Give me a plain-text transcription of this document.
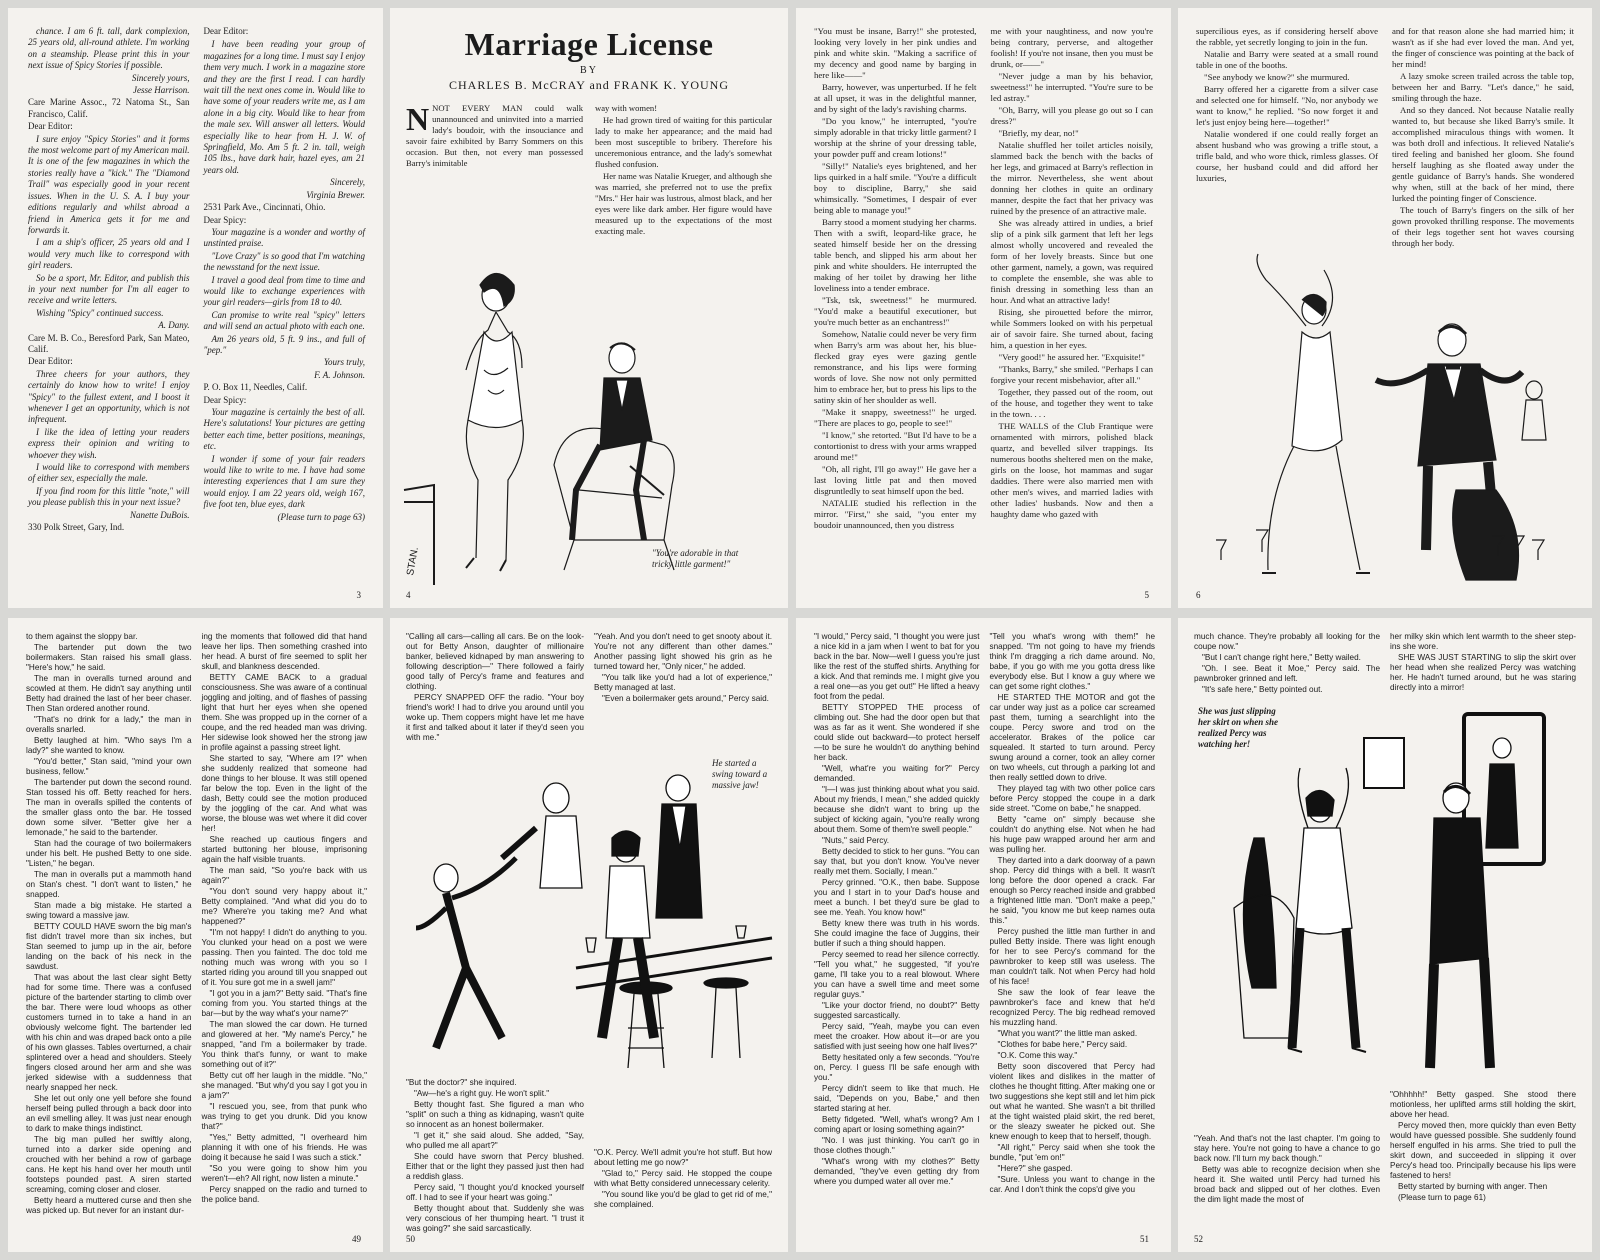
chance. I am 6 ft. tall, dark complexion, 25 years old, all-round athlete. I'm working on a steamship. Please print this in your next issue of Spicy Stories if possible.

Sincerely yours,

Jesse Harrison.

Care Marine Assoc., 72 Natoma St., San Francisco, Calif.

Dear Editor:

I sure enjoy "Spicy Stories" and it forms the most welcome part of my American mail. It is one of the few magazines in which the stories really have a "kick." The "Diamond Trail" was especially good in your recent issues. When in the U. S. A. I buy your editions regularly and whilst abroad a friend in America gets it for me and forwards it.

I am a ship's officer, 25 years old and I would very much like to correspond with girl readers.

So be a sport, Mr. Editor, and publish this in your next number for I'm all eager to receive and write letters.

Wishing "Spicy" continued success.

A. Dany.

Care M. B. Co., Beresford Park, San Mateo, Calif.

Dear Editor:

Three cheers for your authors, they certainly do know how to write! I enjoy "Spicy" to the fullest extent, and I boost it whenever I get an opportunity, which is not infrequent.

I like the idea of letting your readers express their opinion and writing to whoever they wish.

I would like to correspond with members of either sex, especially the male.

If you find room for this little "note," will you please publish this in your next issue?

Nanette DuBois.

330 Polk Street, Gary, Ind.

Dear Editor:

I have been reading your group of magazines for a long time. I must say I enjoy them very much. I work in a magazine store and they are the first I read. I can hardly wait till the next ones come in. Would like to have some of your readers write me, as I am alone in a big city. Would like to hear from the male sex. Will answer all letters. Would especially like to hear from H. J. W. of Springfield, Mo. Am 5 ft. 2 in. tall, weigh 105 lbs., have dark hair, hazel eyes, am 21 years old.

Sincerely,

Virginia Brewer.

2531 Park Ave., Cincinnati, Ohio.

Dear Spicy:

Your magazine is a wonder and worthy of unstinted praise.

"Love Crazy" is so good that I'm watching the newsstand for the next issue.

I travel a good deal from time to time and would like to exchange experiences with your girl readers—girls from 18 to 40.

Can promise to write real "spicy" letters and will send an actual photo with each one.

Am 26 years old, 5 ft. 9 ins., and full of "pep."

Yours truly,

F. A. Johnson.

P. O. Box 11, Needles, Calif.

Dear Spicy:

Your magazine is certainly the best of all. Here's salutations! Your pictures are getting better each time, better positions, meanings, etc.

I wonder if some of your fair readers would like to write to me. I have had some interesting experiences that I am sure they would enjoy. I am 22 years old, weigh 167, five foot ten, blue eyes, dark

(Please turn to page 63)

3
Marriage License
BY
CHARLES B. McCRAY and FRANK K. YOUNG

NNOT EVERY MAN could walk unannounced and uninvited into a married lady's boudoir, with the insouciance and savoir faire exhibited by Barry Sommers on this occasion. But then, not every man possessed Barry's inimitable

way with women!

He had grown tired of waiting for this particular lady to make her appearance; and the maid had been most susceptible to bribery. Therefore his unceremonious entrance, and the lady's somewhat flushed confusion.

Her name was Natalie Krueger, and although she was married, she preferred not to use the prefix "Mrs." Her hair was lustrous, almost black, and her eyes were like dark amber. Her figure would have measured up to the expectations of the most exacting male.

STAN.	"You're adorable in that tricky little garment!"
4

"You must be insane, Barry!" she protested, looking very lovely in her pink undies and pink and white skin. "Making a sacrifice of my decency and good name by barging in here like——"

Barry, however, was unperturbed. If he felt at all upset, it was in the delightful manner, and by sight of the lady's ravishing charms.

"Do you know," he interrupted, "you're simply adorable in that tricky little garment? I worship at the shrine of your dressing table, your powder puff and cream lotions!"

"Silly!" Natalie's eyes brightened, and her lips quirked in a half smile. "You're a difficult boy to discipline, Barry," she said whimsically. "Sometimes, I despair of ever being able to manage you!"

Barry stood a moment studying her charms. Then with a swift, leopard-like grace, he seated himself beside her on the dressing table bench, and slipped his arm about her pink and white shoulders. He interrupted the making of her toilet by drawing her lithe loveliness into a tender embrace.

"Tsk, tsk, sweetness!" he murmured. "You'd make a beautiful executioner, but you're much better as an enchantress!"

Somehow, Natalie could never be very firm when Barry's arm was about her, his blue-flecked gray eyes were gazing gentle remonstrance, and his lips were forming words of love. She now not only permitted him to embrace her, but to press his lips to the satiny skin of her shoulder as well.

"Make it snappy, sweetness!" he urged. "There are places to go, people to see!"

"I know," she retorted. "But I'd have to be a contortionist to dress with your arms wrapped around me!"

"Oh, all right, I'll go away!" He gave her a last loving little pat and then moved disgruntledly to seat himself upon the bed.

NATALIE studied his reflection in the mirror. "First," she said, "you enter my boudoir unannounced, then you distress

me with your naughtiness, and now you're being contrary, perverse, and altogether foolish! If you're not insane, then you must be drunk, or——"

"Never judge a man by his behavior, sweetness!" he interrupted. "You're sure to be led astray."

"Oh, Barry, will you please go out so I can dress?"

"Briefly, my dear, no!"

Natalie shuffled her toilet articles noisily, slammed back the bench with the backs of her legs, and grimaced at Barry's reflection in the mirror. Nevertheless, she went about donning her clothes in quite an ordinary manner, despite the fact that her privacy was ruined by the presence of an attractive male.

She was already attired in undies, a brief slip of a pink silk garment that left her legs almost wholly uncovered and revealed the form of her lovely breasts. Since but one other garment, namely, a gown, was required to complete the ensemble, she was able to finish dressing in something less than an hour. And what an attractive lady!

Rising, she pirouetted before the mirror, while Sommers looked on with his perpetual air of savoir faire. She turned about, facing him, a question in her eyes.

"Very good!" he assured her. "Exquisite!"

"Thanks, Barry," she smiled. "Perhaps I can forgive your recent misbehavior, after all."

Together, they passed out of the room, out of the house, and together they went to take in the town. . . .

THE WALLS of the Club Frantique were ornamented with mirrors, polished black quartz, and bevelled silver trappings. Its numerous booths sheltered men on the make, girls on the loose, hot mammas and sugar daddies. There were also married men with other men's wives, and married ladies with other ladies' husbands. Now and then a haughty dame who gazed with

5

supercilious eyes, as if considering herself above the rabble, yet secretly longing to join in the fun.

Natalie and Barry were seated at a small round table in one of the booths.

"See anybody we know?" she murmured.

Barry offered her a cigarette from a silver case and selected one for himself. "No, nor anybody we want to know," he replied. "So now forget it and let's just enjoy being here—together!"

Natalie wondered if one could really forget an absent husband who was growing a trifle stout, a trifle bald, and who wore thick, rimless glasses. Of course, her husband could and did afford her luxuries,

and for that reason alone she had married him; it wasn't as if she had ever loved the man. And yet, the finger of conscience was pointing at the back of her mind!

A lazy smoke screen trailed across the table top, between her and Barry. "Let's dance," he said, smiling through the haze.

And so they danced. Not because Natalie really wanted to, but because she liked Barry's smile. It accomplished miraculous things with women. It was both droll and infectious. It relieved Natalie's tired feeling and banished her gloom. She found herself laughing as she floated away under the gentle guidance of Barry's hands. She wondered why when, still at the back of her mind, there lurked the pointing finger of Conscience.

The touch of Barry's fingers on the silk of her gown provoked thrilling response. The movements of their legs together sent hot waves coursing through her body.

6

to them against the sloppy bar.

The bartender put down the two boilermakers. Stan raised his small glass. "Here's how," he said.

The man in overalls turned around and scowled at them. He didn't say anything until Betty had drained the last of her beer chaser. Then Stan ordered another round.

"That's no drink for a lady," the man in overalls snarled.

Betty laughed at him. "Who says I'm a lady?" she wanted to know.

"You'd better," Stan said, "mind your own business, fellow."

The bartender put down the second round. Stan tossed his off. Betty reached for hers. The man in overalls spilled the contents of the smaller glass onto the bar. He tossed down some silver. "Better give her a lemonade," he said to the bartender.

Stan had the courage of two boilermakers under his belt. He pushed Betty to one side. "Listen," he began.

The man in overalls put a mammoth hand on Stan's chest. "I don't want to listen," he snapped.

Stan made a big mistake. He started a swing toward a massive jaw.

BETTY COULD HAVE sworn the big man's fist didn't travel more than six inches, but Stan seemed to jump up in the air, before landing on the back of his neck in the sawdust.

That was about the last clear sight Betty had for some time. There was a confused picture of the bartender starting to climb over the bar. There were loud whoops as other customers turned in to take a hand in an obviously welcome fight. The bartender led with his chin and was draped back onto a pile of his own glasses. Tables overturned, a chair splintered over a head and shoulders. Steely fingers closed around her arm and she was jerked sidewise with a suddenness that nearly snapped her neck.

She let out only one yell before she found herself being pulled through a back door into an evil smelling alley. It was just near enough to dark to make things indistinct.

The big man pulled her swiftly along, turned into a darker side opening and crouched with her behind a row of garbage cans. He kept his hand over her mouth until footsteps pounded past. A siren started screaming, coming closer and closer.

Betty heard a muttered curse and then she was picked up. But never for an instant dur-

ing the moments that followed did that hand leave her lips. Then something crashed into her head. A burst of fire seemed to split her skull, and blankness descended.

BETTY CAME BACK to a gradual consciousness. She was aware of a continual joggling and jolting, and of flashes of passing light that hurt her eyes when she opened them. She was propped up in the corner of a coupe, and the red headed man was driving. Her sidewise look showed her the strong jaw in profile against a passing street light.

She started to say, "Where am I?" when she suddenly realized that someone had done things to her blouse. It was still opened far below the top. Even in the light of the dash, Betty could see the motion produced by the joggling of the car. And what was worse, the blouse was wet where it did cover her!

She reached up cautious fingers and started buttoning her blouse, imprisoning again the half visible truants.

The man said, "So you're back with us again?"

"You don't sound very happy about it," Betty complained. "And what did you do to me? Where're you taking me? And what happened?"

"I'm not happy! I didn't do anything to you. You clunked your head on a post we were passing. Then you fainted. The doc told me nothing much was wrong with you so I started riding you around till you snapped out of it. You sure got me in a swell jam!"

"I got you in a jam?" Betty said. "That's fine coming from you. You started things at the bar—but by the way what's your name?"

The man slowed the car down. He turned and glowered at her. "My name's Percy," he snapped, "and I'm a boilermaker by trade. You think that's funny, or want to make something out of it?"

Betty cut off her laugh in the middle. "No," she managed. "But why'd you say I got you in a jam?"

"I rescued you, see, from that punk who was trying to get you drunk. Did you know that?"

"Yes," Betty admitted, "I overheard him planning it with one of his friends. He was doing it because he said I was such a stick."

"So you were going to show him you weren't—eh? All right, now listen a minute."

Percy snapped on the radio and turned to the police band.

49

"Calling all cars—calling all cars. Be on the look-out for Betty Anson, daughter of millionaire banker, believed kidnaped by man answering to following description—" There followed a fairly good tally of Percy's frame and features and clothing.

PERCY SNAPPED OFF the radio. "Your boy friend's work! I had to drive you around until you woke up. Them coppers might have let me have it first and talked about it later if they'd seen you with me."

"Yeah. And you don't need to get snooty about it. You're not any different than other dames." Another passing light showed his grin as he turned toward her, "Only nicer," he added.

"You talk like you'd had a lot of experience," Betty managed at last.

"Even a boilermaker gets around," Percy said.

He started a swing toward a massive jaw!

"But the doctor?" she inquired.

"Aw—he's a right guy. He won't split."

Betty thought fast. She figured a man who "split" on such a thing as kidnaping, wasn't quite so innocent as an honest boilermaker.

"I get it," she said aloud. She added, "Say, who pulled me all apart?"

She could have sworn that Percy blushed. Either that or the light they passed just then had a reddish glass.

Percy said, "I thought you'd knocked yourself off. I had to see if your heart was going."

Betty thought about that. Suddenly she was very conscious of her thumping heart. "I trust it was going?" she said sarcastically.

"O.K. Percy. We'll admit you're hot stuff. But how about letting me go now?"

"Glad to," Percy said. He stopped the coupe with what Betty considered unnecessary celerity.

"You sound like you'd be glad to get rid of me," she complained.

50

"I would," Percy said, "I thought you were just a nice kid in a jam when I went to bat for you back in the bar. Now—well I guess you're just like the rest of the stuffed shirts. Anything for a kick. And that reminds me. I might give you a real one—as you get out!" He lifted a heavy foot from the pedal.

BETTY STOPPED THE process of climbing out. She had the door open but that was as far as it went. She wondered if she could slide out backward—to protect herself—to be sure he wouldn't do anything behind her back.

"Well, what're you waiting for?" Percy demanded.

"I—I was just thinking about what you said. About my friends, I mean," she added quickly because she didn't want to bring up the subject of kicking again, "you're really wrong about them. Some of them're swell people."

"Nuts," said Percy.

Betty decided to stick to her guns. "You can say that, but you don't know. You've never really met them. Socially, I mean."

Percy grinned. "O.K., then babe. Suppose you and I start in to your Dad's house and meet a bunch. I bet they'd sure be glad to see me. Yeah. You know how!"

Betty knew there was truth in his words. She could imagine the face of Juggins, their butler if such a thing should happen.

Percy seemed to read her silence correctly. "Tell you what," he suggested, "if you're game, I'll take you to a real blowout. Where you can have a swell time and meet some regular guys."

"Like your doctor friend, no doubt?" Betty suggested sarcastically.

Percy said, "Yeah, maybe you can even meet the croaker. How about it—or are you satisfied with just seeing how one half lives?"

Betty hesitated only a few seconds. "You're on, Percy. I guess I'll be safe enough with you."

Percy didn't seem to like that much. He said, "Depends on you, Babe," and then started staring at her.

Betty fidgeted. "Well, what's wrong? Am I coming apart or losing something again?"

"No. I was just thinking. You can't go in those clothes though."

"What's wrong with my clothes?" Betty demanded, "they've even getting dry from where you dumped water all over me."

"Tell you what's wrong with them!" he snapped. "I'm not going to have my friends think I'm dragging a rich dame around. No, babe, if you go with me you gotta dress like everybody else. But I know a guy where we can get some right clothes."

HE STARTED THE MOTOR and got the car under way just as a police car screamed past them, turning a searchlight into the coupe. Percy swore and trod on the accelerator. Brakes of the police car squealed. It started to turn around. Percy swung around a corner, took an alley corner on two wheels, cut through a parking lot and then really settled down to drive.

They played tag with two other police cars before Percy stopped the coupe in a dark side street. "Come on babe," he snapped.

Betty "came on" simply because she couldn't do anything else. Not when he had his huge paw wrapped around her arm and was pulling her.

They darted into a dark doorway of a pawn shop. Percy did things with a bell. It wasn't long before the door opened a crack. Far enough so Percy reached inside and grabbed a frightened little man. "Don't make a peep," he said, "you know me but keep names outa this."

Percy pushed the little man further in and pulled Betty inside. There was light enough for her to see Percy's command for the pawnbroker to keep still was useless. The man couldn't talk. Not when Percy had hold of his face!

She saw the look of fear leave the pawnbroker's face and knew that he'd recognized Percy. The big redhead removed his muzzling hand.

"What you want?" the little man asked.

"Clothes for babe here," Percy said.

"O.K. Come this way."

Betty soon discovered that Percy had violent likes and dislikes in the matter of clothes he thought fitting. After making one or two suggestions she kept still and let him pick out what he wanted. She wasn't a bit thrilled at the tight waisted plaid skirt, the red beret, or the sleazy sweater he picked out. She knew enough to keep that to herself, though.

"All right," Percy said when she took the bundle, "put 'em on!"

"Here?" she gasped.

"Sure. Unless you want to change in the car. And I don't think the cops'd give you

51

much chance. They're probably all looking for the coupe now."

"But I can't change right here," Betty wailed.

"Oh. I see. Beat it Moe," Percy said. The pawnbroker grinned and left.

"It's safe here," Betty pointed out.

her milky skin which lent warmth to the sheer step-ins she wore.

SHE WAS JUST STARTING to slip the skirt over her head when she realized Percy was watching her. He hadn't turned around, but he was staring directly into a mirror!

She was just slipping her skirt on when she realized Percy was watching her!

"Yeah. And that's not the last chapter. I'm going to stay here. You're not going to have a chance to go back now. I'll turn my back though."

Betty was able to recognize decision when she heard it. She waited until Percy had turned his broad back and slipped out of her clothes. Even the dim light made the most of

"Ohhhhh!" Betty gasped. She stood there motionless, her uplifted arms still holding the skirt, above her head.

Percy moved then, more quickly than even Betty would have guessed possible. She suddenly found herself engulfed in his arms. She tried to pull the skirt down, and succeeded in slipping it over Percy's head too. Principally because his lips were fastened to hers!

Betty started by burning with anger. Then

(Please turn to page 61)

52
